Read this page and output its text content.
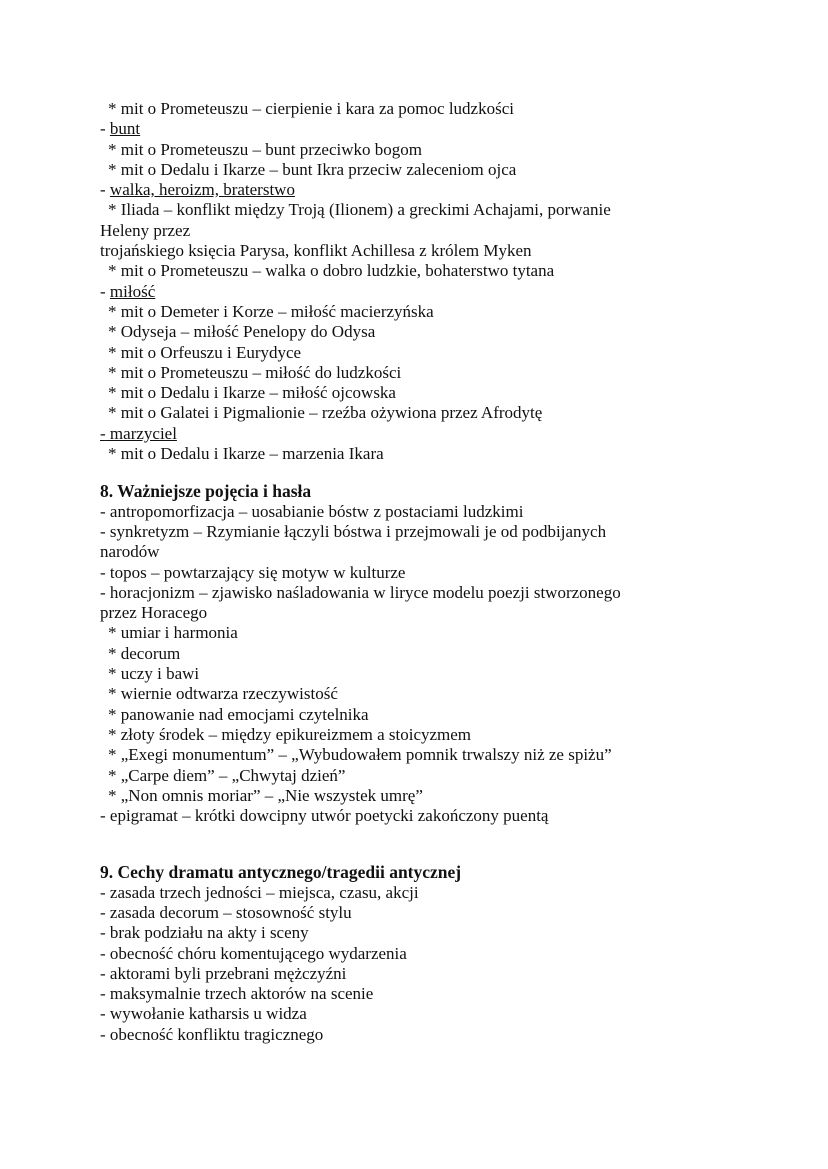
* mit o Prometeuszu – cierpienie i kara za pomoc ludzkości
- bunt
* mit o Prometeuszu – bunt przeciwko bogom
* mit o Dedalu i Ikarze – bunt Ikra przeciw zaleceniom ojca
- walka, heroizm, braterstwo
* Iliada – konflikt między Troją (Ilionem) a greckimi Achajami, porwanie
Heleny przez
trojańskiego księcia Parysa, konflikt Achillesa z królem Myken
* mit o Prometeuszu – walka o dobro ludzkie, bohaterstwo tytana
- miłość
* mit o Demeter i Korze – miłość macierzyńska
* Odyseja – miłość Penelopy do Odysa
* mit o Orfeuszu i Eurydyce
* mit o Prometeuszu – miłość do ludzkości
* mit o Dedalu i Ikarze – miłość ojcowska
* mit o Galatei i Pigmalionie – rzeźba ożywiona przez Afrodytę
- marzyciel
* mit o Dedalu i Ikarze – marzenia Ikara
8. Ważniejsze pojęcia i hasła
- antropomorfizacja – uosabianie bóstw z postaciami ludzkimi
- synkretyzm – Rzymianie łączyli bóstwa i przejmowali je od podbijanych
narodów
- topos – powtarzający się motyw w kulturze
- horacjonizm – zjawisko naśladowania w liryce modelu poezji stworzonego
przez Horacego
* umiar i harmonia
* decorum
* uczy i bawi
* wiernie odtwarza rzeczywistość
* panowanie nad emocjami czytelnika
* złoty środek – między epikureizmem a stoicyzmem
* „Exegi monumentum” – „Wybudowałem pomnik trwalszy niż ze spiżu”
* „Carpe diem” – „Chwytaj dzień”
* „Non omnis moriar” – „Nie wszystek umrę”
- epigramat – krótki dowcipny utwór poetycki zakończony puentą
9. Cechy dramatu antycznego/tragedii antycznej
- zasada trzech jedności – miejsca, czasu, akcji
- zasada decorum – stosowność stylu
- brak podziału na akty i sceny
- obecność chóru komentującego wydarzenia
- aktorami byli przebrani mężczyźni
- maksymalnie trzech aktorów na scenie
- wywołanie katharsis u widza
- obecność konfliktu tragicznego
